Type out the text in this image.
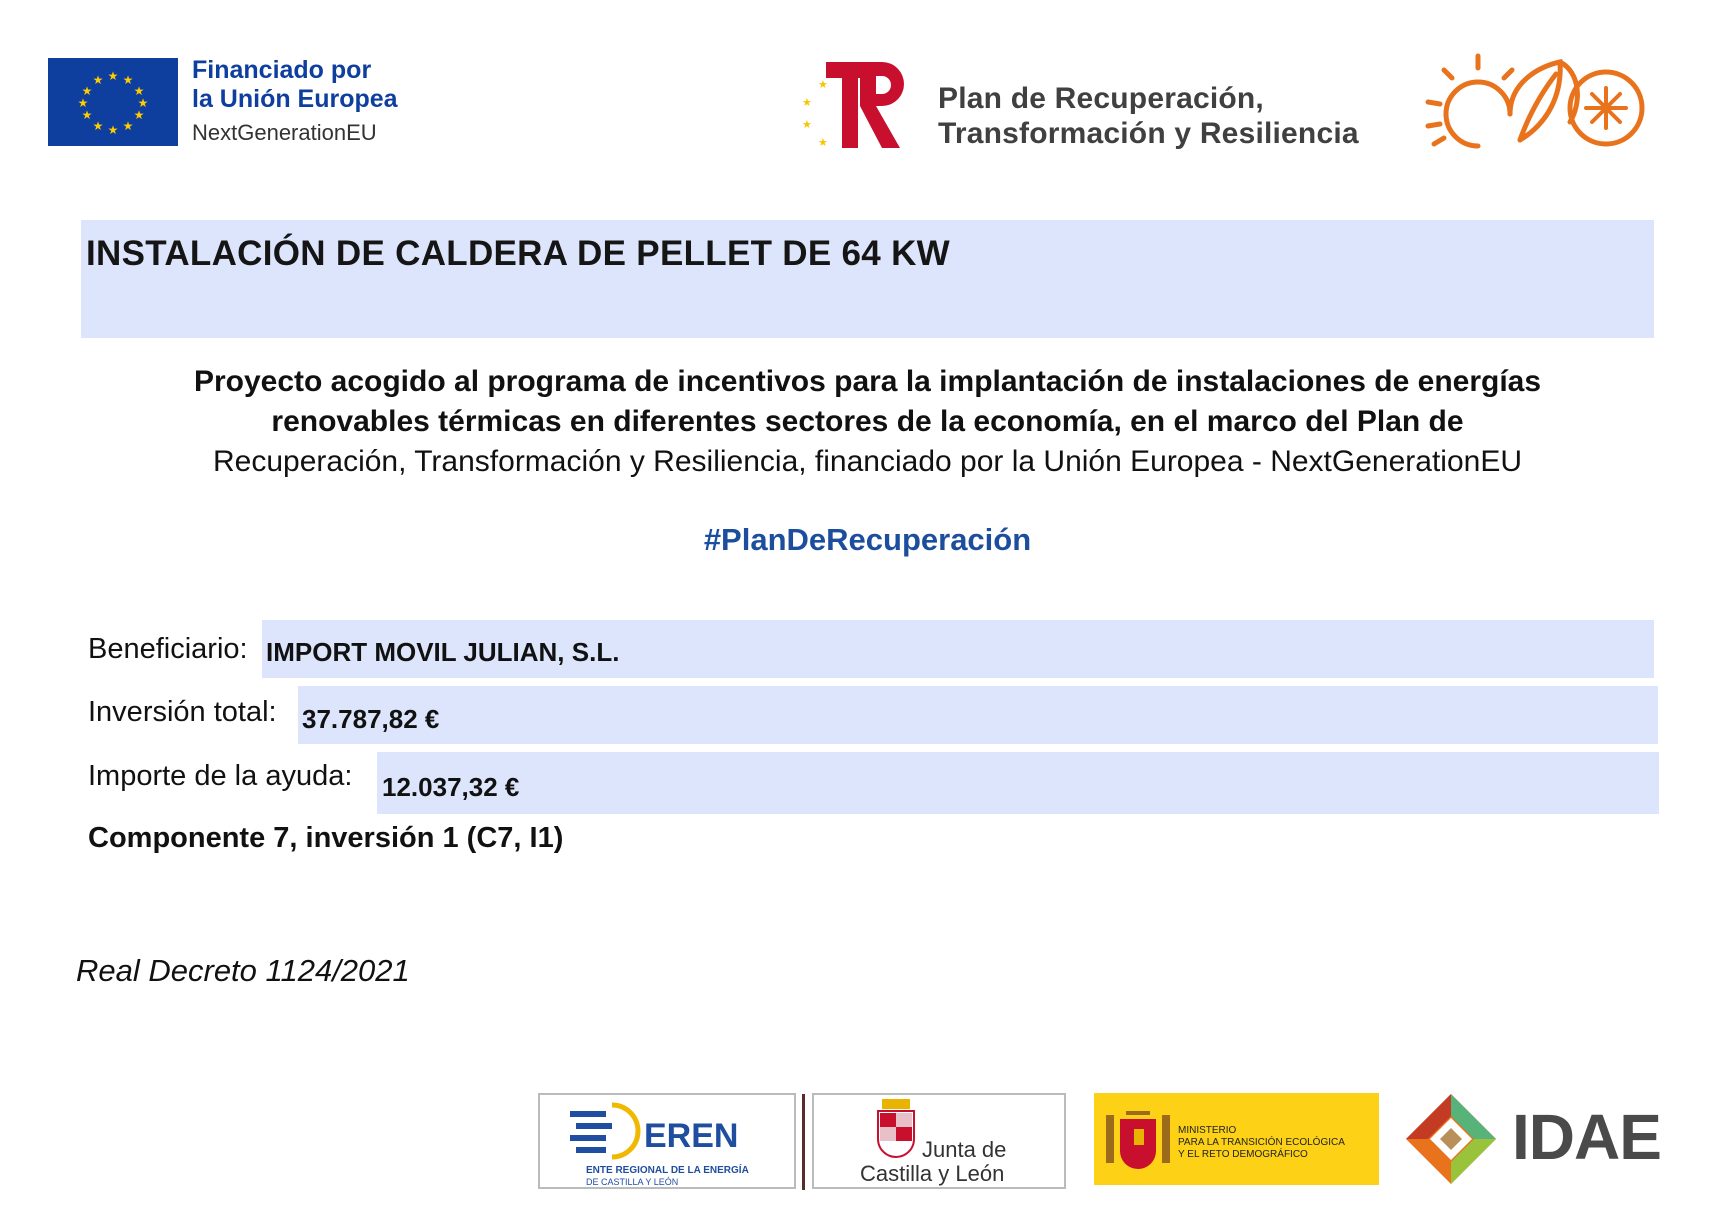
★ ★
★
★
★
★
★
★
★
★
★
★	Financiado por
la Unión Europea
NextGenerationEU
★
★
★
★
Plan de Recuperación,
Transformación y Resiliencia
INSTALACIÓN DE CALDERA DE PELLET DE 64 KW
Proyecto acogido al programa de incentivos para la implantación de instalaciones de energías
renovables térmicas en diferentes sectores de la economía, en el marco del Plan de
Recuperación, Transformación y Resiliencia, financiado por la Unión Europea - NextGenerationEU
#PlanDeRecuperación
Beneficiario: IMPORT MOVIL JULIAN, S.L.
Inversión total: 37.787,82 €
Importe de la ayuda: 12.037,32 €
Componente 7, inversión 1 (C7, I1)
Real Decreto 1124/2021
EREN
ENTE REGIONAL DE LA ENERGÍA
DE CASTILLA Y LEÓN
Junta de
Castilla y León
MINISTERIO
PARA LA TRANSICIÓN ECOLÓGICA
Y EL RETO DEMOGRÁFICO	IDAE
